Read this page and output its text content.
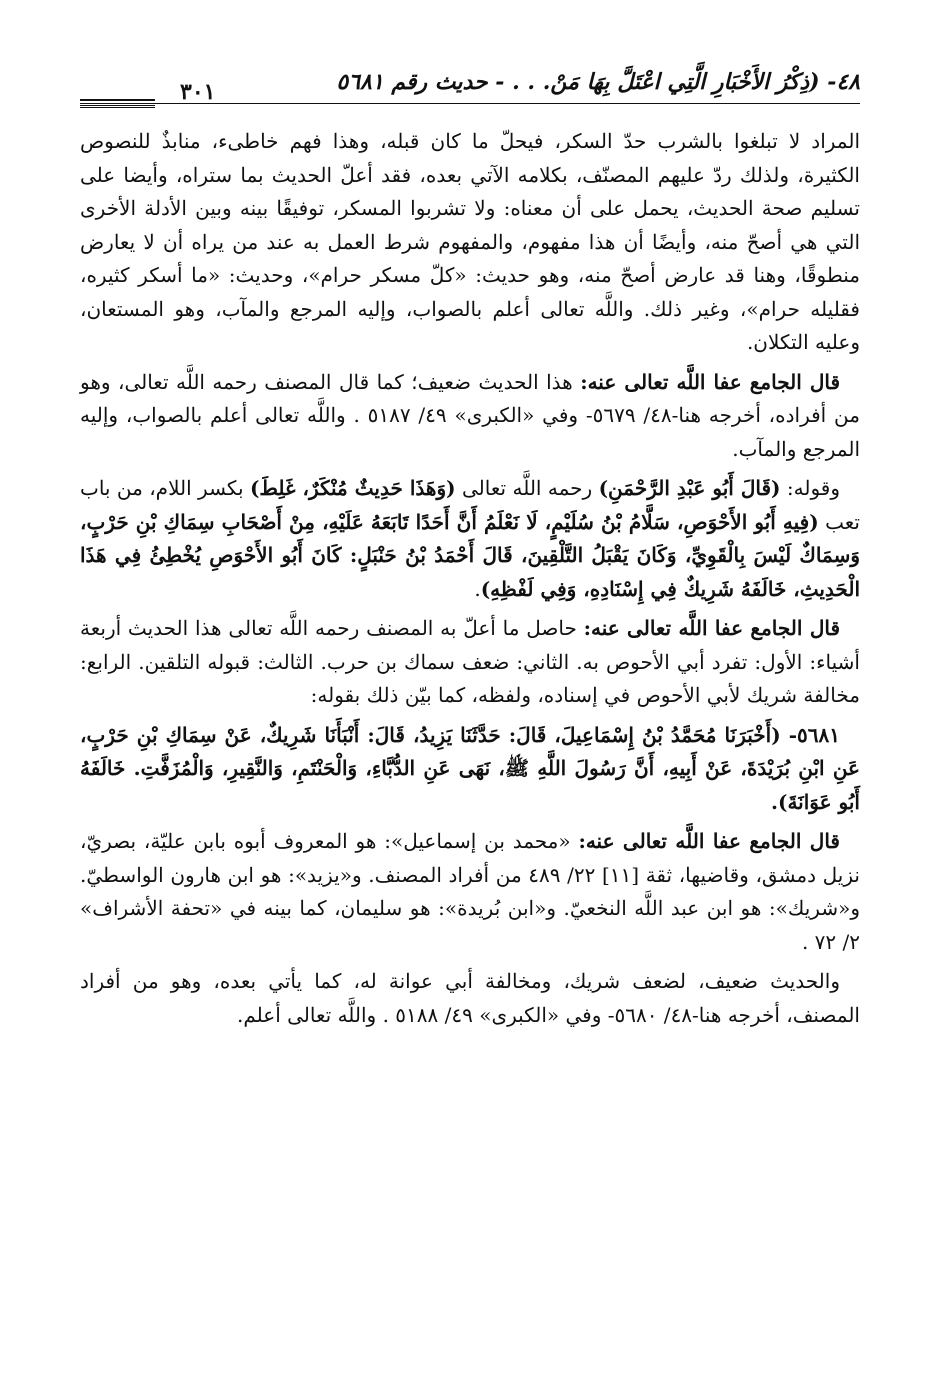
٤٨- (ذِكْرُ الأَخْبَارِ الَّتِي اعْتَلَّ بِهَا مَنْ. . . - حديث رقم ٥٦٨١
٣٠١

المراد لا تبلغوا بالشرب حدّ السكر، فيحلّ ما كان قبله، وهذا فهم خاطىء، منابذٌ للنصوص الكثيرة، ولذلك ردّ عليهم المصنّف، بكلامه الآتي بعده، فقد أعلّ الحديث بما ستراه، وأيضا على تسليم صحة الحديث، يحمل على أن معناه: ولا تشربوا المسكر، توفيقًا بينه وبين الأدلة الأخرى التي هي أصحّ منه، وأيضًا أن هذا مفهوم، والمفهوم شرط العمل به عند من يراه أن لا يعارض منطوقًا، وهنا قد عارض أصحّ منه، وهو حديث: «كلّ مسكر حرام»، وحديث: «ما أسكر كثيره، فقليله حرام»، وغير ذلك. واللَّه تعالى أعلم بالصواب، وإليه المرجع والمآب، وهو المستعان، وعليه التكلان.

 قال الجامع عفا اللَّه تعالى عنه: هذا الحديث ضعيف؛ كما قال المصنف رحمه اللَّه تعالى، وهو من أفراده، أخرجه هنا-٤٨/ ٥٦٧٩- وفي «الكبرى» ٤٩/ ٥١٨٧ . واللَّه تعالى أعلم بالصواب، وإليه المرجع والمآب.

 وقوله: (قَالَ أَبُو عَبْدِ الرَّحْمَنِ) رحمه اللَّه تعالى (وَهَذَا حَدِيثٌ مُنْكَرٌ، غَلِطَ) بكسر اللام، من باب تعب (فِيهِ أَبُو الأَحْوَصِ، سَلَّامُ بْنُ سُلَيْمٍ، لَا نَعْلَمُ أَنَّ أَحَدًا تَابَعَهُ عَلَيْهِ، مِنْ أَصْحَابِ سِمَاكِ بْنِ حَرْبٍ، وَسِمَاكٌ لَيْسَ بِالْقَوِيِّ، وَكَانَ يَقْبَلُ التَّلْقِينَ، قَالَ أَحْمَدُ بْنُ حَنْبَلٍ: كَانَ أَبُو الأَحْوَصِ يُخْطِئُ فِي هَذَا الْحَدِيثِ، خَالَفَهُ شَرِيكٌ فِي إِسْنَادِهِ، وَفِي لَفْظِهِ).

 قال الجامع عفا اللَّه تعالى عنه: حاصل ما أعلّ به المصنف رحمه اللَّه تعالى هذا الحديث أربعة أشياء: الأول: تفرد أبي الأحوص به. الثاني: ضعف سماك بن حرب. الثالث: قبوله التلقين. الرابع: مخالفة شريك لأبي الأحوص في إسناده، ولفظه، كما بيّن ذلك بقوله:

 ٥٦٨١- (أَخْبَرَنَا مُحَمَّدُ بْنُ إِسْمَاعِيلَ، قَالَ: حَدَّثَنَا يَزِيدُ، قَالَ: أَنْبَأَنَا شَرِيكٌ، عَنْ سِمَاكِ بْنِ حَرْبٍ، عَنِ ابْنِ بُرَيْدَةَ، عَنْ أَبِيهِ، أَنَّ رَسُولَ اللَّهِ ﷺ، نَهَى عَنِ الدُّبَّاءِ، وَالْحَنْتَمِ، وَالنَّقِيرِ، وَالْمُزَفَّتِ. خَالَفَهُ أَبُو عَوَانَةَ).

 قال الجامع عفا اللَّه تعالى عنه: «محمد بن إسماعيل»: هو المعروف أبوه بابن عليّة، بصريّ، نزيل دمشق، وقاضيها، ثقة [١١] ٢٢/ ٤٨٩ من أفراد المصنف. و«يزيد»: هو ابن هارون الواسطيّ. و«شريك»: هو ابن عبد اللَّه النخعيّ. و«ابن بُريدة»: هو سليمان، كما بينه في «تحفة الأشراف» ٢/ ٧٢ .

 والحديث ضعيف، لضعف شريك، ومخالفة أبي عوانة له، كما يأتي بعده، وهو من أفراد المصنف، أخرجه هنا-٤٨/ ٥٦٨٠- وفي «الكبرى» ٤٩/ ٥١٨٨ . واللَّه تعالى أعلم.
